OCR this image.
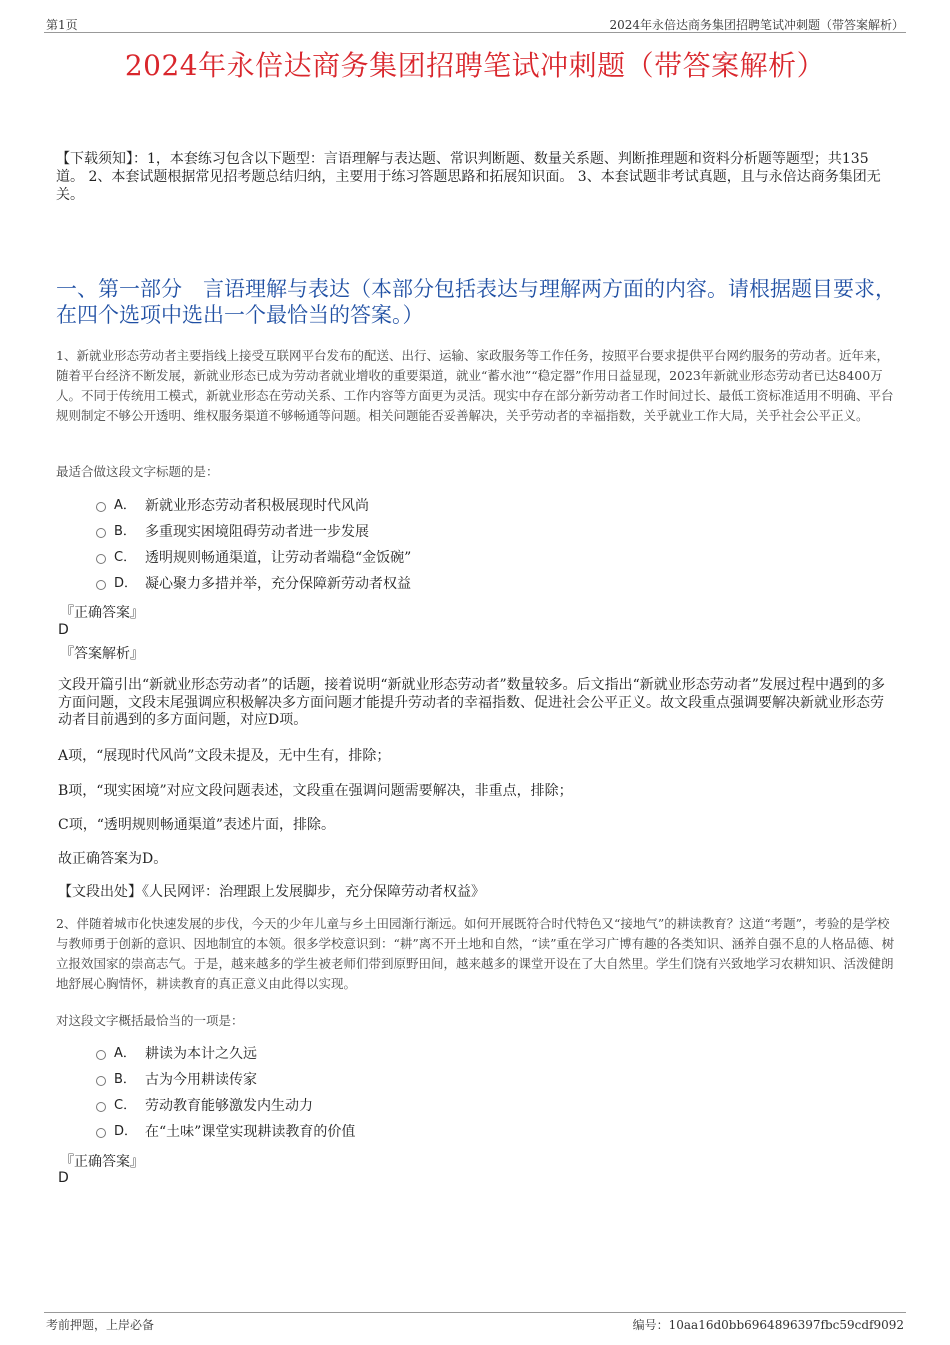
第1页	2024年永倍达商务集团招聘笔试冲刺题（带答案解析）
2024年永倍达商务集团招聘笔试冲刺题（带答案解析）
【下载须知】：1，本套练习包含以下题型：言语理解与表达题、常识判断题、数量关系题、判断推理题和资料分析题等题型；共135道。 2、本套试题根据常见招考题总结归纳，主要用于练习答题思路和拓展知识面。 3、本套试题非考试真题，且与永倍达商务集团无关。
一、第一部分　言语理解与表达（本部分包括表达与理解两方面的内容。请根据题目要求，在四个选项中选出一个最恰当的答案。）
1、新就业形态劳动者主要指线上接受互联网平台发布的配送、出行、运输、家政服务等工作任务，按照平台要求提供平台网约服务的劳动者。近年来，随着平台经济不断发展，新就业形态已成为劳动者就业增收的重要渠道，就业“蓄水池”“稳定器”作用日益显现，2023年新就业形态劳动者已达8400万人。不同于传统用工模式，新就业形态在劳动关系、工作内容等方面更为灵活。现实中存在部分新劳动者工作时间过长、最低工资标准适用不明确、平台规则制定不够公开透明、维权服务渠道不够畅通等问题。相关问题能否妥善解决，关乎劳动者的幸福指数，关乎就业工作大局，关乎社会公平正义。
最适合做这段文字标题的是：
A． 新就业形态劳动者积极展现时代风尚
B． 多重现实困境阻碍劳动者进一步发展
C． 透明规则畅通渠道，让劳动者端稳“金饭碗”
D． 凝心聚力多措并举，充分保障新劳动者权益
『正确答案』
D
『答案解析』
文段开篇引出“新就业形态劳动者”的话题，接着说明“新就业形态劳动者”数量较多。后文指出“新就业形态劳动者”发展过程中遇到的多方面问题，文段末尾强调应积极解决多方面问题才能提升劳动者的幸福指数、促进社会公平正义。故文段重点强调要解决新就业形态劳动者目前遇到的多方面问题，对应D项。
A项，“展现时代风尚”文段未提及，无中生有，排除；
B项，“现实困境”对应文段问题表述，文段重在强调问题需要解决，非重点，排除；
C项，“透明规则畅通渠道”表述片面，排除。
故正确答案为D。
【文段出处】《人民网评：治理跟上发展脚步，充分保障劳动者权益》
2、伴随着城市化快速发展的步伐，今天的少年儿童与乡土田园渐行渐远。如何开展既符合时代特色又“接地气”的耕读教育？这道“考题”，考验的是学校与教师勇于创新的意识、因地制宜的本领。很多学校意识到：“耕”离不开土地和自然，“读”重在学习广博有趣的各类知识、涵养自强不息的人格品德、树立报效国家的崇高志气。于是，越来越多的学生被老师们带到原野田间，越来越多的课堂开设在了大自然里。学生们饶有兴致地学习农耕知识、活泼健朗地舒展心胸情怀，耕读教育的真正意义由此得以实现。
对这段文字概括最恰当的一项是：
A． 耕读为本计之久远
B． 古为今用耕读传家
C． 劳动教育能够激发内生动力
D． 在“土味”课堂实现耕读教育的价值
『正确答案』
D
考前押题，上岸必备	编号：10aa16d0bb6964896397fbc59cdf9092
